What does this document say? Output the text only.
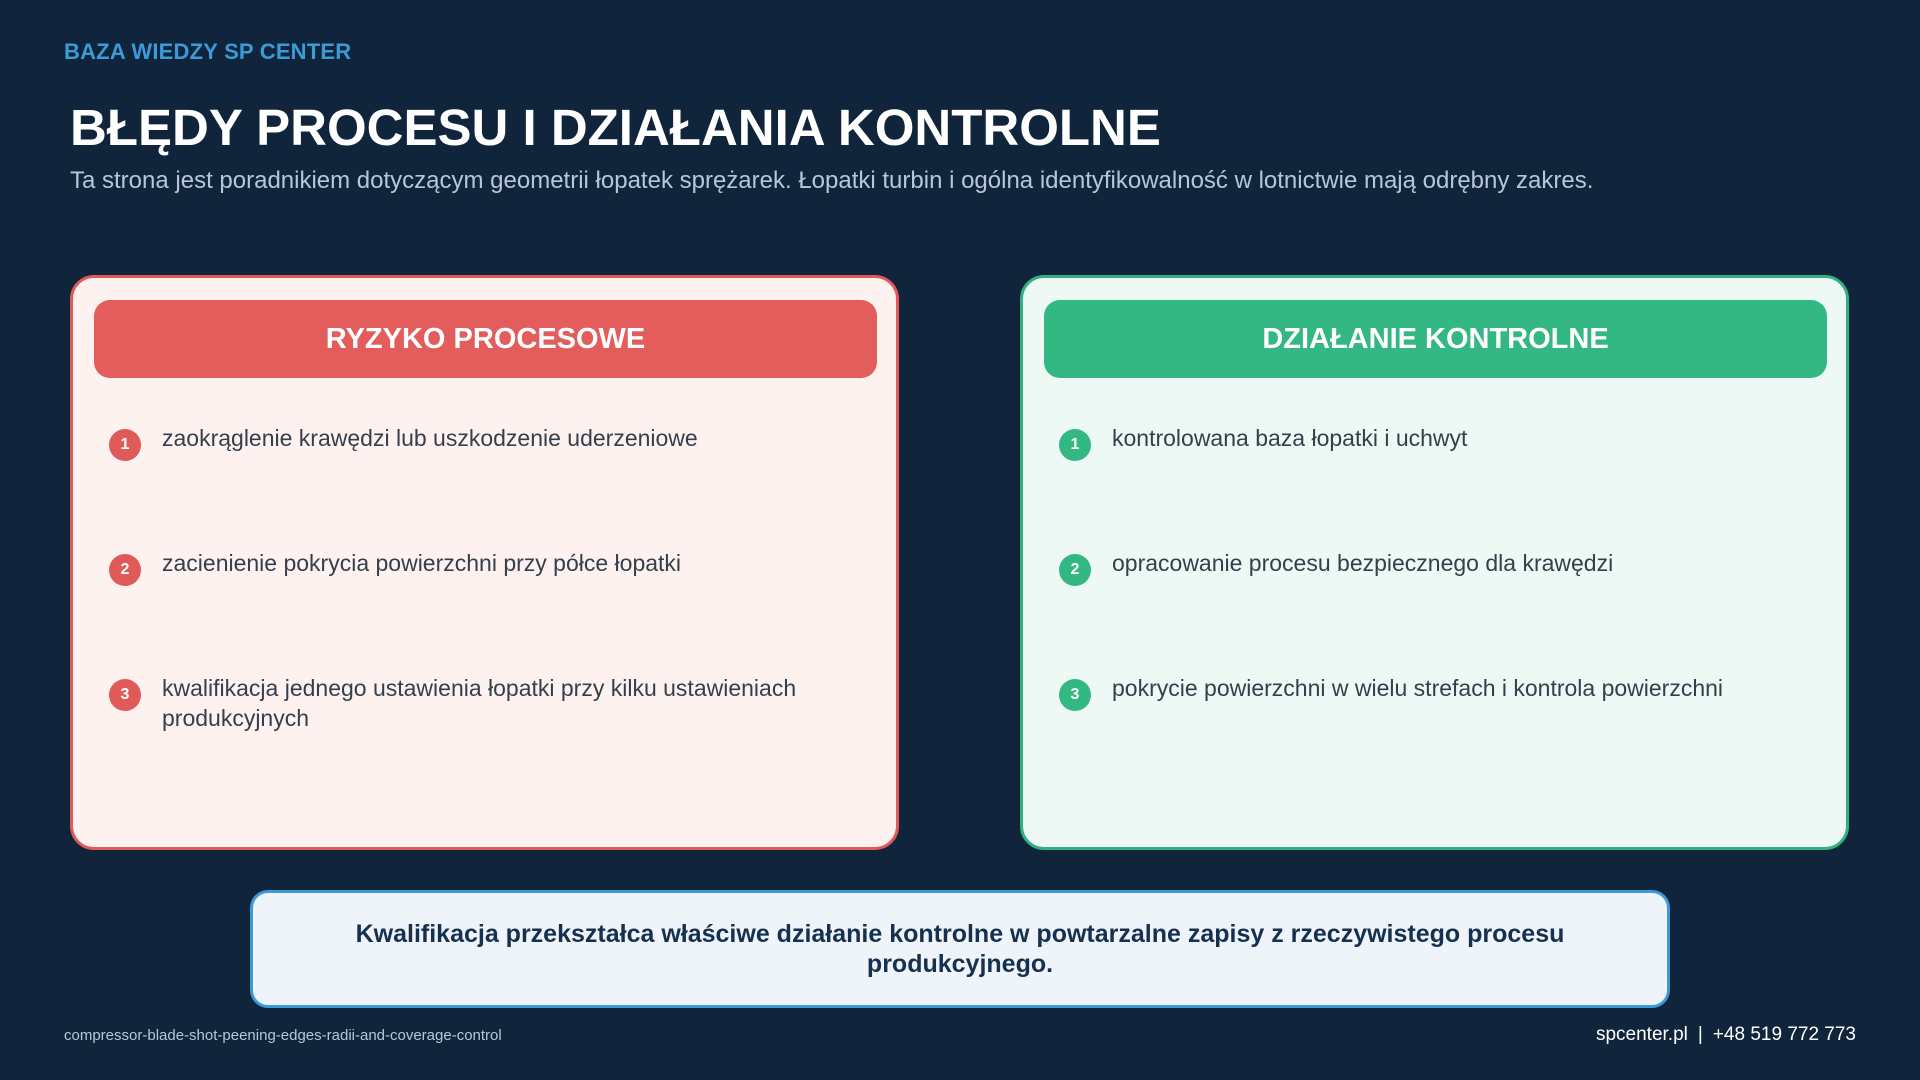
BAZA WIEDZY SP CENTER
BŁĘDY PROCESU I DZIAŁANIA KONTROLNE
Ta strona jest poradnikiem dotyczącym geometrii łopatek sprężarek. Łopatki turbin i ogólna identyfikowalność w lotnictwie mają odrębny zakres.
RYZYKO PROCESOWE
1	zaokrąglenie krawędzi lub uszkodzenie uderzeniowe
2	zacienienie pokrycia powierzchni przy półce łopatki
3	kwalifikacja jednego ustawienia łopatki przy kilku ustawieniach produkcyjnych
DZIAŁANIE KONTROLNE
1	kontrolowana baza łopatki i uchwyt
2	opracowanie procesu bezpiecznego dla krawędzi
3	pokrycie powierzchni w wielu strefach i kontrola powierzchni
Kwalifikacja przekształca właściwe działanie kontrolne w powtarzalne zapisy z rzeczywistego procesu produkcyjnego.
compressor-blade-shot-peening-edges-radii-and-coverage-control	spcenter.pl | +48 519 772 773
